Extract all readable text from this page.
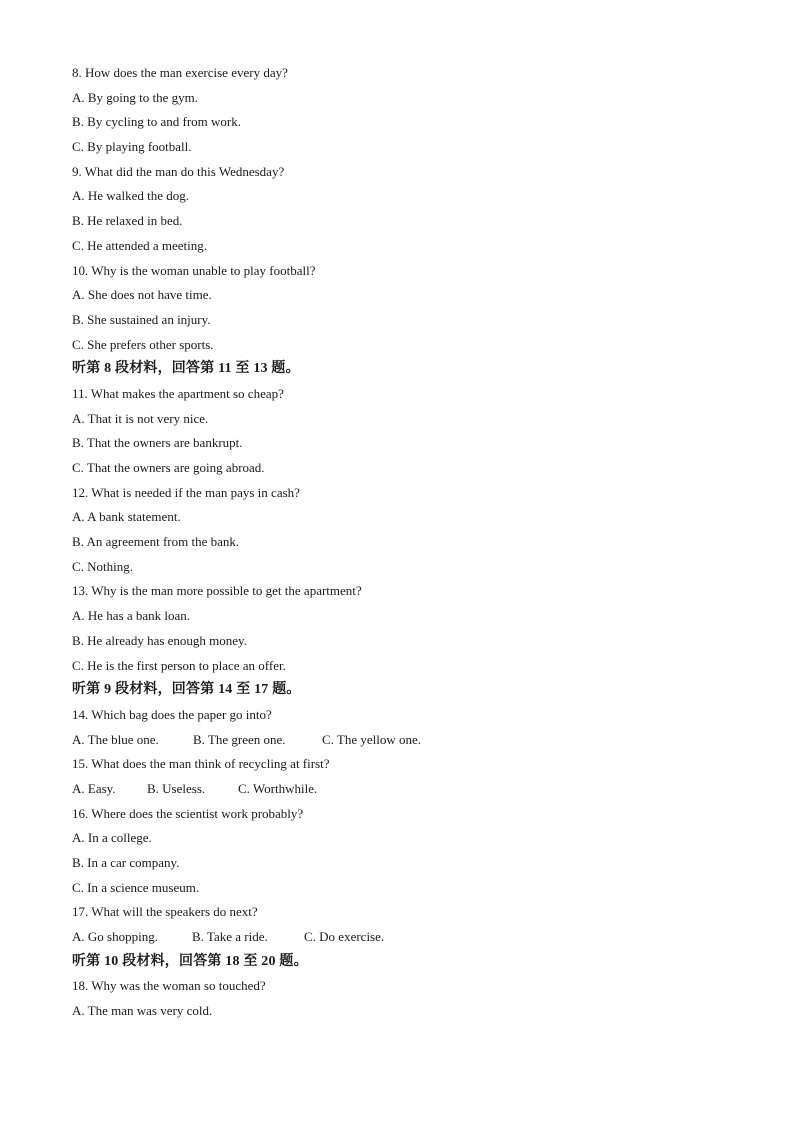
8. How does the man exercise every day?
A. By going to the gym.
B. By cycling to and from work.
C. By playing football.
9. What did the man do this Wednesday?
A. He walked the dog.
B. He relaxed in bed.
C. He attended a meeting.
10. Why is the woman unable to play football?
A. She does not have time.
B. She sustained an injury.
C. She prefers other sports.
听第 8 段材料，回答第 11 至 13 题。
11. What makes the apartment so cheap?
A. That it is not very nice.
B. That the owners are bankrupt.
C. That the owners are going abroad.
12. What is needed if the man pays in cash?
A. A bank statement.
B. An agreement from the bank.
C. Nothing.
13. Why is the man more possible to get the apartment?
A. He has a bank loan.
B. He already has enough money.
C. He is the first person to place an offer.
听第 9 段材料，回答第 14 至 17 题。
14. Which bag does the paper go into?
A. The blue one.	B. The green one.	C. The yellow one.
15. What does the man think of recycling at first?
A. Easy. B. Useless.	C. Worthwhile.
16. Where does the scientist work probably?
A. In a college.
B. In a car company.
C. In a science museum.
17. What will the speakers do next?
A. Go shopping.	B. Take a ride.	C. Do exercise.
听第 10 段材料，回答第 18 至 20 题。
18. Why was the woman so touched?
A. The man was very cold.
